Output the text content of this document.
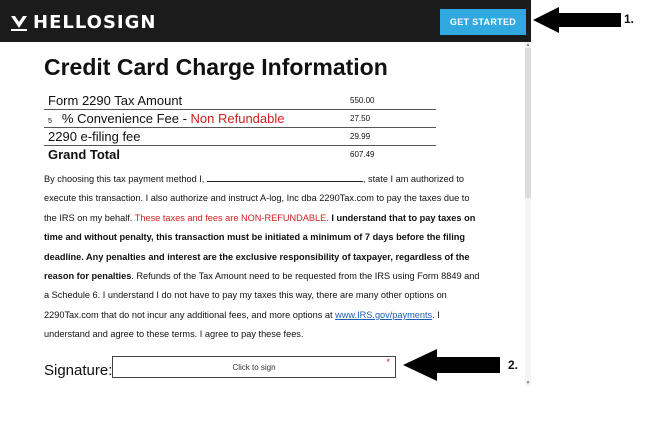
HELLOSIGN	GET STARTED
▲
▼
Credit Card Charge Information
Form 2290 Tax Amount	550.00
5 % Convenience Fee - Non Refundable	27.50
2290 e-filing fee	29.99
Grand Total	607.49
By choosing this tax payment method I,	, state I am authorized to execute this transaction. I also authorize and instruct A-log, Inc dba 2290Tax.com to pay the taxes due to the IRS on my behalf. These taxes and fees are NON-REFUNDABLE. I understand that to pay taxes on time and without penalty, this transaction must be initiated a minimum of 7 days before the filing deadline. Any penalties and interest are the exclusive responsibility of taxpayer, regardless of the reason for penalties. Refunds of the Tax Amount need to be requested from the IRS using Form 8849 and a Schedule 6. I understand I do not have to pay my taxes this way, there are many other options on 2290Tax.com that do not incur any additional fees, and more options at www.IRS.gov/payments. I understand and agree to these terms. I agree to pay these fees.
Signature:	Click to sign	*
1.
2.
